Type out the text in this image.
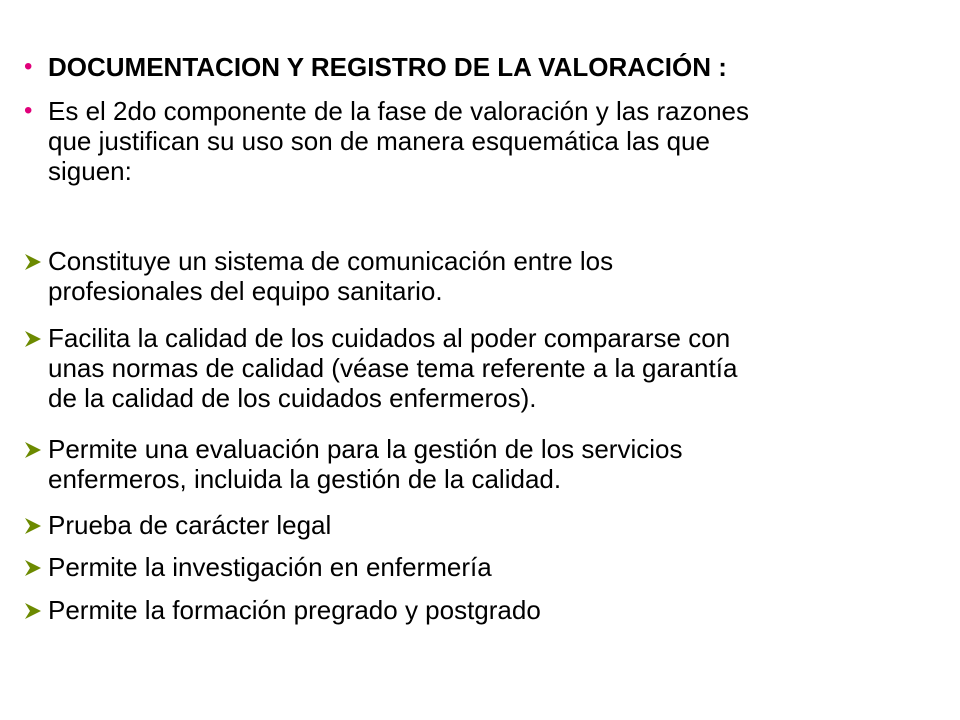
• DOCUMENTACION Y REGISTRO DE LA VALORACIÓN :
• Es el 2do componente de la fase de valoración y las razones
que justifican su uso son de manera esquemática las que
siguen:
Constituye un sistema de comunicación entre los
profesionales del equipo sanitario.
Facilita la calidad de los cuidados al poder compararse con
unas normas de calidad (véase tema referente a la garantía
de la calidad de los cuidados enfermeros).
Permite una evaluación para la gestión de los servicios
enfermeros, incluida la gestión de la calidad.
Prueba de carácter legal
Permite la investigación en enfermería
Permite la formación pregrado y postgrado
